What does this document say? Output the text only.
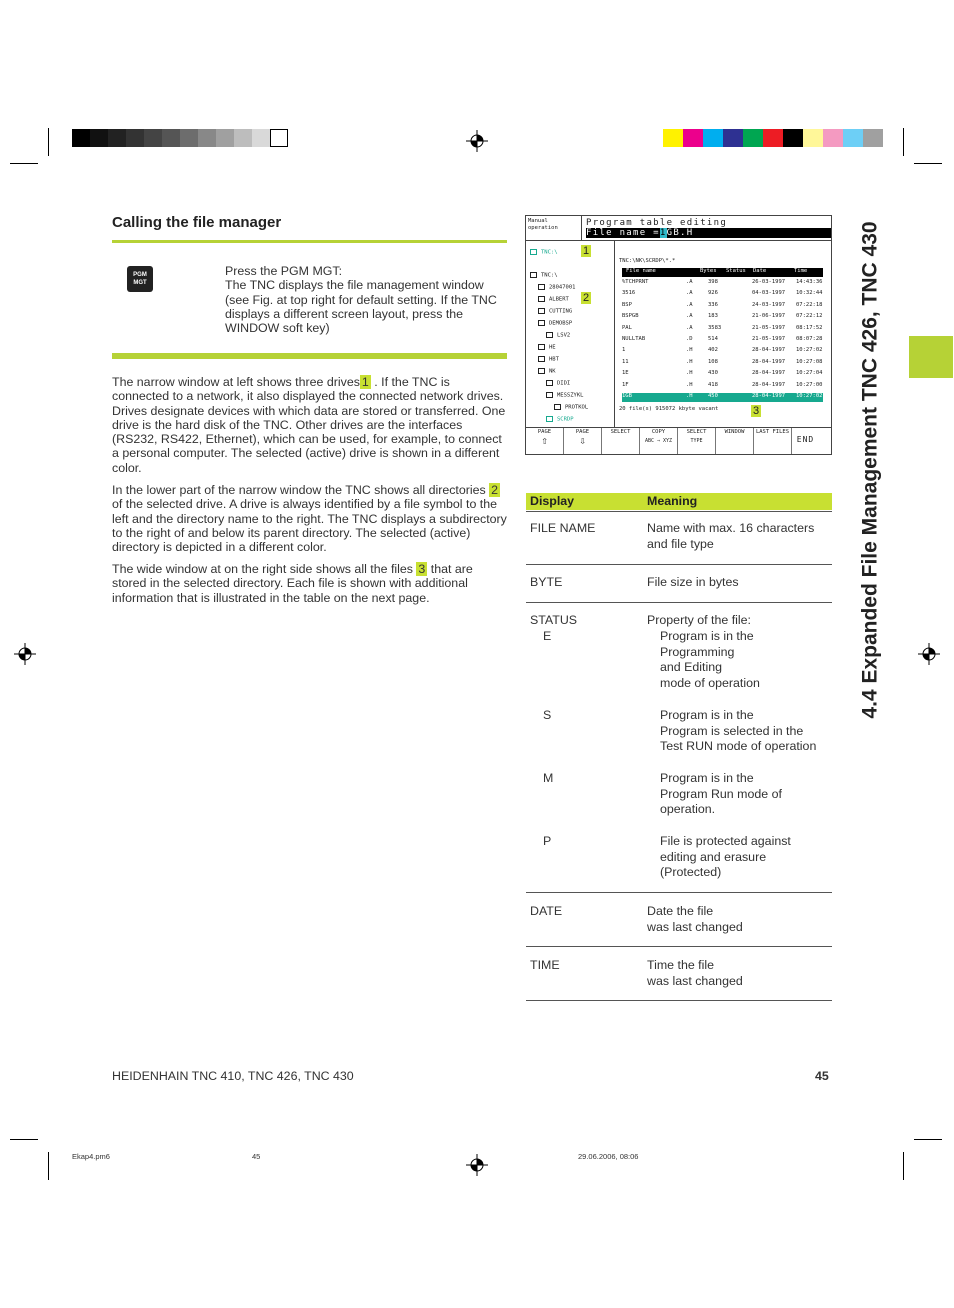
4.4 Expanded File Management TNC 426, TNC 430
Calling the file manager
PGM
MGT
Press the PGM MGT:
The TNC displays the file management window (see Fig. at top right for default setting. If the TNC displays a different screen layout, press the WINDOW soft key)
The narrow window at left shows three drives 1 . If the TNC is connected to a network, it also displayed the connected network drives. Drives designate devices with which data are stored or transferred. One drive is the hard disk of the TNC. Other drives are the interfaces (RS232, RS422, Ethernet), which can be used, for example, to connect a personal computer. The selected (active) drive is shown in a different color.
In the lower part of the narrow window the TNC shows all directories 2 of the selected drive. A drive is always identified by a file symbol to the left and the directory name to the right. The TNC displays a subdirectory to the right of and below its parent directory. The selected (active) directory is depicted in a different color.
The wide window at on the right side shows all the files 3 that are stored in the selected directory. Each file is shown with additional information that is illustrated in the table on the next page.
Manual operation	Program table editing
File name =1GB.H
TNC:\ 1
2
3
TNC:\
28047001
ALBERT
CUTTING
DEMOBSP
LSV2
HE
HBT
NK
DIDI
MESSZYKL
PROTKOL
SCRDP
TNC:\NK\SCRDP\*.*
File name	Bytes Status Date	Time
%TCHPRNT	.A	398	26-03-1997 14:43:36
3516	.A	926	04-03-1997 10:32:44
BSP	.A	336	24-03-1997 07:22:18
BSPGB	.A	183	21-06-1997 07:22:12
PAL	.A	3583	21-05-1997 08:17:52
NULLTAB	.D	514	21-05-1997 08:07:28
1	.H	402	28-04-1997 10:27:02
11	.H	108	28-04-1997 10:27:08
1E	.H	430	28-04-1997 10:27:04
1F	.H	418	28-04-1997 10:27:00
1GB	.H	450	28-04-1997 10:27:02
20 file(s) 915072 kbyte vacant
PAGE
⇧
PAGE
⇩
SELECT	COPY
ABC ⇒ XYZ
SELECT
TYPE
WINDOW	LAST FILES
END
Display	Meaning
FILE NAME	Name with max. 16 characters
and file type
BYTE	File size in bytes
STATUS	Property of the file:
E	Program is in the
Programming
and Editing
mode of operation
S	Program is in the
Program is selected in the
Test RUN mode of operation
M	Program is in the
Program Run mode of
operation.
P	File is protected against
editing and erasure
(Protected)
DATE	Date the file
was last changed
TIME	Time the file
was last changed
HEIDENHAIN TNC 410, TNC 426, TNC 430	45
Ekap4.pm6	45	29.06.2006, 08:06
